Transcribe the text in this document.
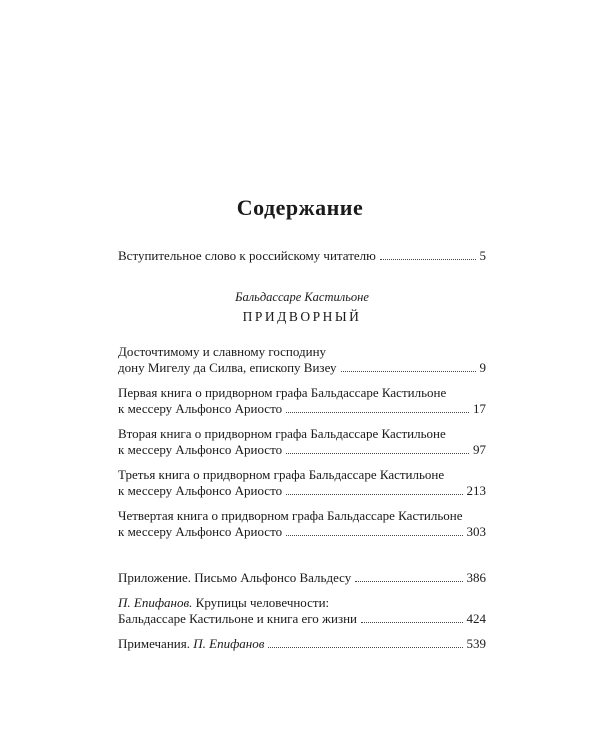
Содержание
Вступительное слово к российскому читателю	5
Бальдассаре Кастильоне
ПРИДВОРНЫЙ
Досточтимому и славному господину
дону Мигелу да Силва, епископу Визеу	9
Первая книга о придворном графа Бальдассаре Кастильоне
к мессеру Альфонсо Ариосто	17
Вторая книга о придворном графа Бальдассаре Кастильоне
к мессеру Альфонсо Ариосто	97
Третья книга о придворном графа Бальдассаре Кастильоне
к мессеру Альфонсо Ариосто	213
Четвертая книга о придворном графа Бальдассаре Кастильоне
к мессеру Альфонсо Ариосто	303
Приложение. Письмо Альфонсо Вальдесу	386
П. Епифанов. Крупицы человечности:
Бальдассаре Кастильоне и книга его жизни	424
Примечания. П. Епифанов	539
